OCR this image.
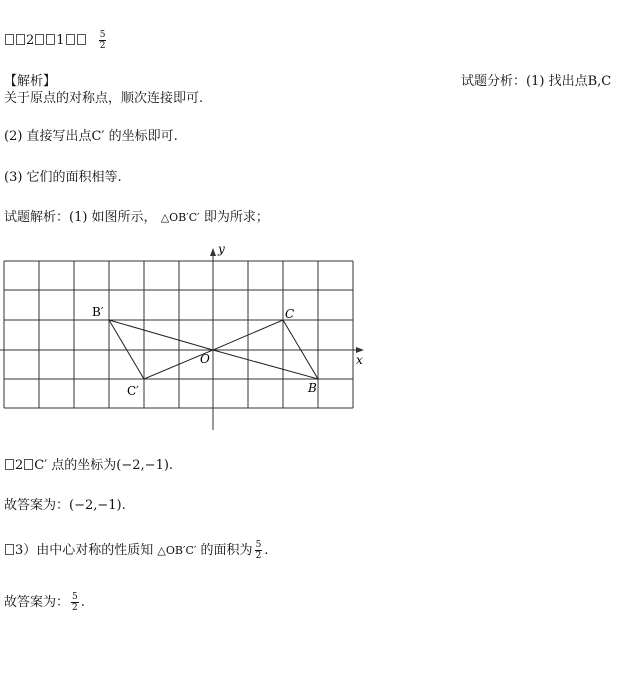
2 1	$\frac{5}{2}$
【解析】	试题分析：(1) 找出点B,C
关于原点的对称点，顺次连接即可.
(2) 直接写出点C′ 的坐标即可.
(3) 它们的面积相等.
试题解析：(1) 如图所示， △OB′C′ 即为所求；
y
x
O
B′
C′
C
B
2 C′ 点的坐标为(−2,−1).
故答案为：(−2,−1).
3）由中心对称的性质知 △OB′C′ 的面积为 $\frac{5}{2}$ .
故答案为： $\frac{5}{2}$ .
